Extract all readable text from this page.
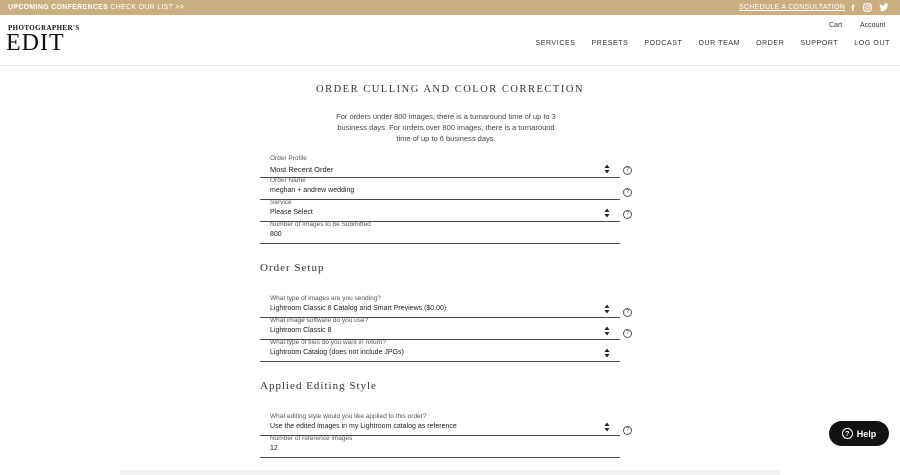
UPCOMING CONFERENCES CHECK OUR LIST >>	SCHEDULE A CONSULTATION f
PHOTOGRAPHER'S
EDIT
Cart	Account
SERVICES PRESETS PODCAST OUR TEAM ORDER SUPPORT LOG OUT
ORDER CULLING AND COLOR CORRECTION
For orders under 800 images, there is a turnaround time of up to 3 business days. For orders over 800 images, there is a turnaround time of up to 6 business days.
Order Profile
Most Recent Order	?
Order Name
meghan + andrew wedding	?
Service
Please Select	?
Number of Images to be Submitted
800
Order Setup
What type of images are you sending?
Lightroom Classic 8 Catalog and Smart Previews ($0.00)	?
What image software do you use?
Lightroom Classic 8	?
What type of files do you want in return?
Lightroom Catalog (does not include JPGs)
Applied Editing Style
What editing style would you like applied to this order?
Use the edited images in my Lightroom catalog as reference	?
Number of reference images
12
? Help
